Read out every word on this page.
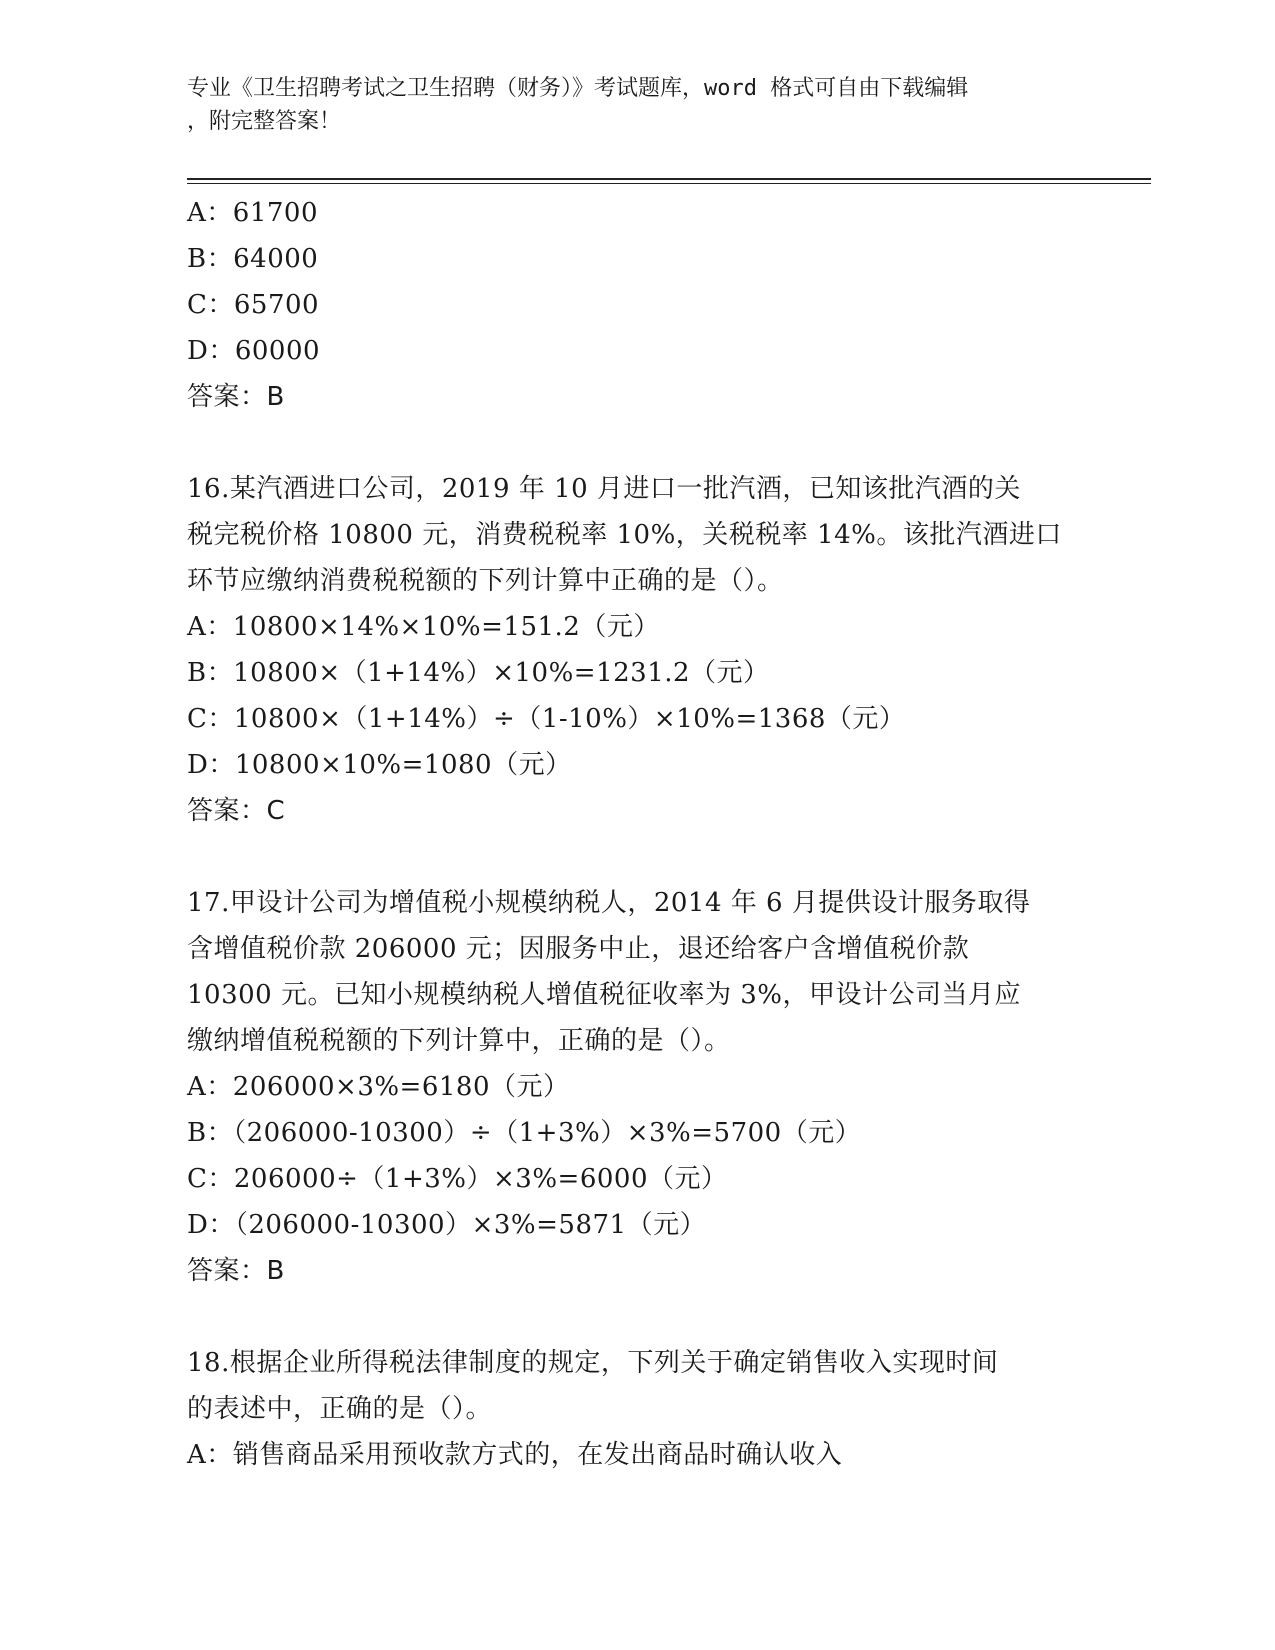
专业《卫生招聘考试之卫生招聘（财务）》考试题库，word 格式可自由下载编辑
，附完整答案！
A：61700
B：64000
C：65700
D：60000
答案：B
16.某汽酒进口公司，2019 年 10 月进口一批汽酒，已知该批汽酒的关
税完税价格 10800 元，消费税税率 10%，关税税率 14%。该批汽酒进口
环节应缴纳消费税税额的下列计算中正确的是（）。
A：10800×14%×10%=151.2（元）
B：10800×（1+14%）×10%=1231.2（元）
C：10800×（1+14%）÷（1-10%）×10%=1368（元）
D：10800×10%=1080（元）
答案：C
17.甲设计公司为增值税小规模纳税人，2014 年 6 月提供设计服务取得
含增值税价款 206000 元；因服务中止，退还给客户含增值税价款
10300 元。已知小规模纳税人增值税征收率为 3%，甲设计公司当月应
缴纳增值税税额的下列计算中，正确的是（）。
A：206000×3%=6180（元）
B：（206000-10300）÷（1+3%）×3%=5700（元）
C：206000÷（1+3%）×3%=6000（元）
D：（206000-10300）×3%=5871（元）
答案：B
18.根据企业所得税法律制度的规定，下列关于确定销售收入实现时间
的表述中，正确的是（）。
A：销售商品采用预收款方式的，在发出商品时确认收入
